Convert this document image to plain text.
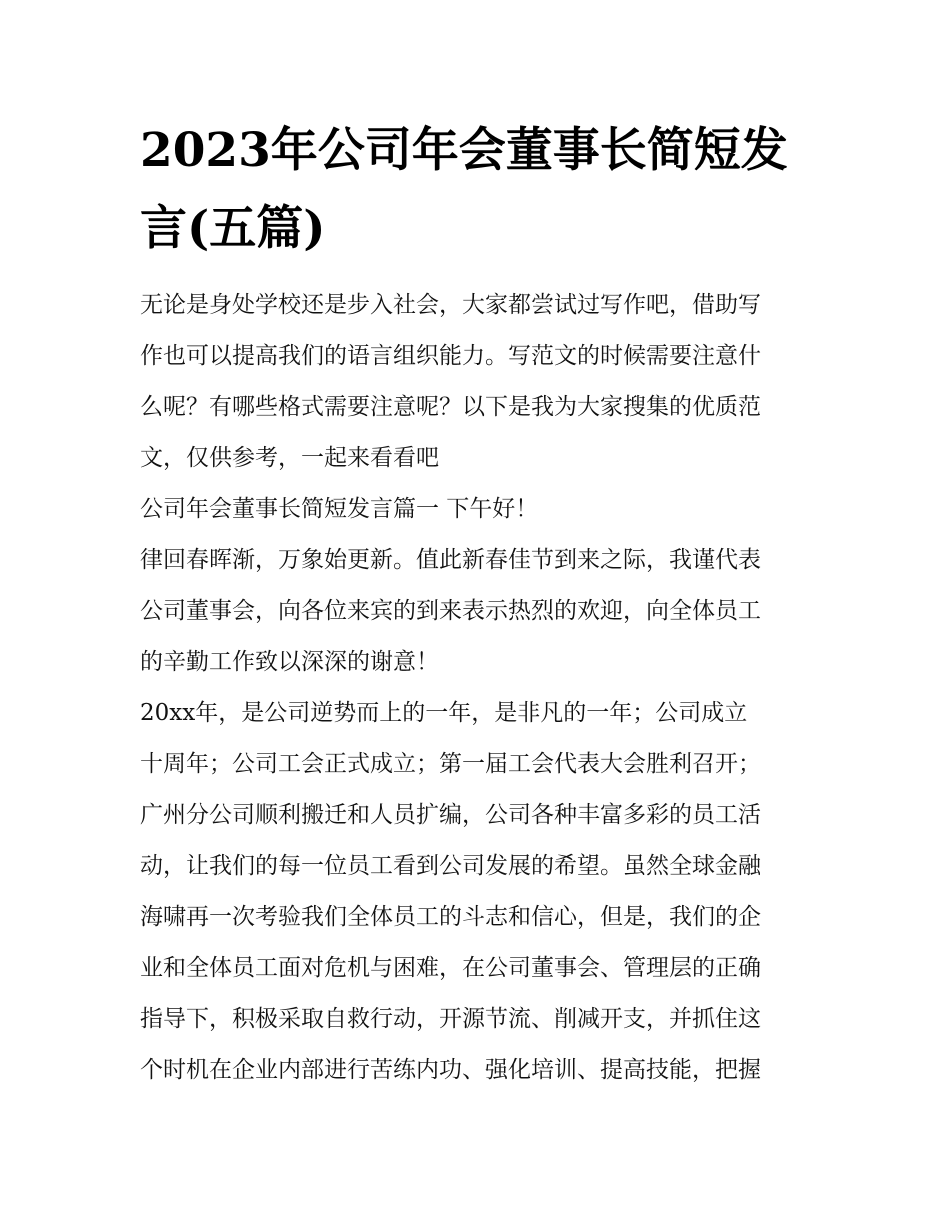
2023年公司年会董事长简短发
言(五篇)

无论是身处学校还是步入社会，大家都尝试过写作吧，借助写

作也可以提高我们的语言组织能力。写范文的时候需要注意什

么呢？有哪些格式需要注意呢？以下是我为大家搜集的优质范

文，仅供参考，一起来看看吧

公司年会董事长简短发言篇一 下午好！

律回春晖渐，万象始更新。值此新春佳节到来之际，我谨代表

公司董事会，向各位来宾的到来表示热烈的欢迎，向全体员工

的辛勤工作致以深深的谢意！

20xx年，是公司逆势而上的一年，是非凡的一年；公司成立

十周年；公司工会正式成立；第一届工会代表大会胜利召开；

广州分公司顺利搬迁和人员扩编，公司各种丰富多彩的员工活

动，让我们的每一位员工看到公司发展的希望。虽然全球金融

海啸再一次考验我们全体员工的斗志和信心，但是，我们的企

业和全体员工面对危机与困难，在公司董事会、管理层的正确

指导下，积极采取自救行动，开源节流、削减开支，并抓住这

个时机在企业内部进行苦练内功、强化培训、提高技能，把握
